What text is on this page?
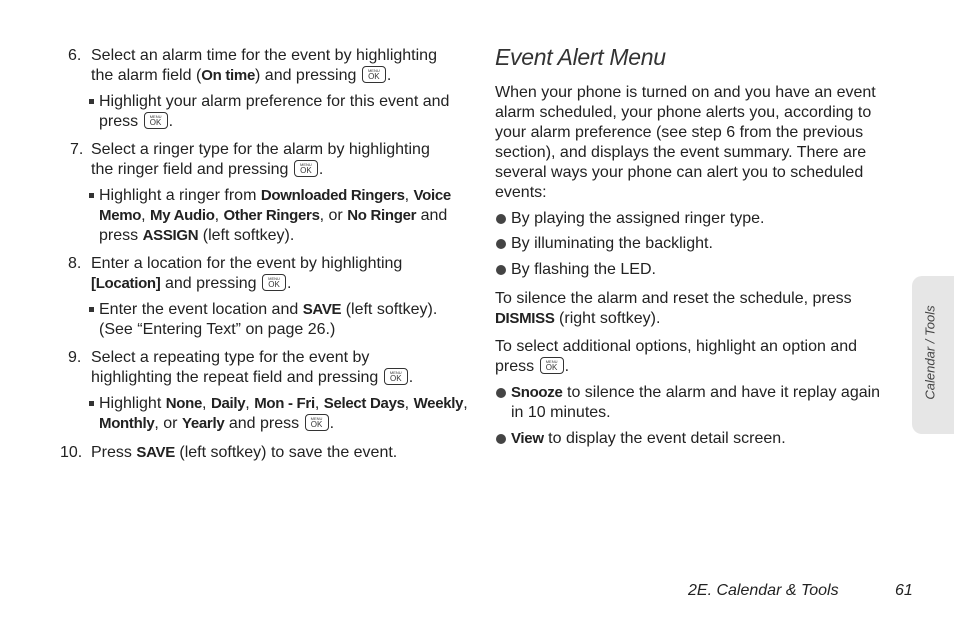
6. Select an alarm time for the event by highlighting
the alarm field (On time) and pressing	MENU
OK .
Highlight your alarm preference for this event and
press	MENU
OK .
7. Select a ringer type for the alarm by highlighting
the ringer field and pressing	MENU
OK .
Highlight a ringer from Downloaded Ringers, Voice
Memo, My Audio, Other Ringers, or No Ringer and
press ASSIGN (left softkey).
8. Enter a location for the event by highlighting
[Location] and pressing	MENU
OK .
Enter the event location and SAVE (left softkey).
(See “Entering Text” on page 26.)
9. Select a repeating type for the event by
highlighting the repeat field and pressing	MENU
OK .
Highlight None, Daily, Mon - Fri, Select Days, Weekly,
Monthly, or Yearly and press	MENU
OK .
10. Press SAVE (left softkey) to save the event.
Event Alert Menu
When your phone is turned on and you have an event
alarm scheduled, your phone alerts you, according to
your alarm preference (see step 6 from the previous
section), and displays the event summary. There are
several ways your phone can alert you to scheduled
events:
By playing the assigned ringer type.
By illuminating the backlight.
By flashing the LED.
To silence the alarm and reset the schedule, press
DISMISS (right softkey).
To select additional options, highlight an option and
press	MENU
OK .
Snooze to silence the alarm and have it replay again
in 10 minutes.
View to display the event detail screen.
Calendar / Tools
2E. Calendar & Tools	61
